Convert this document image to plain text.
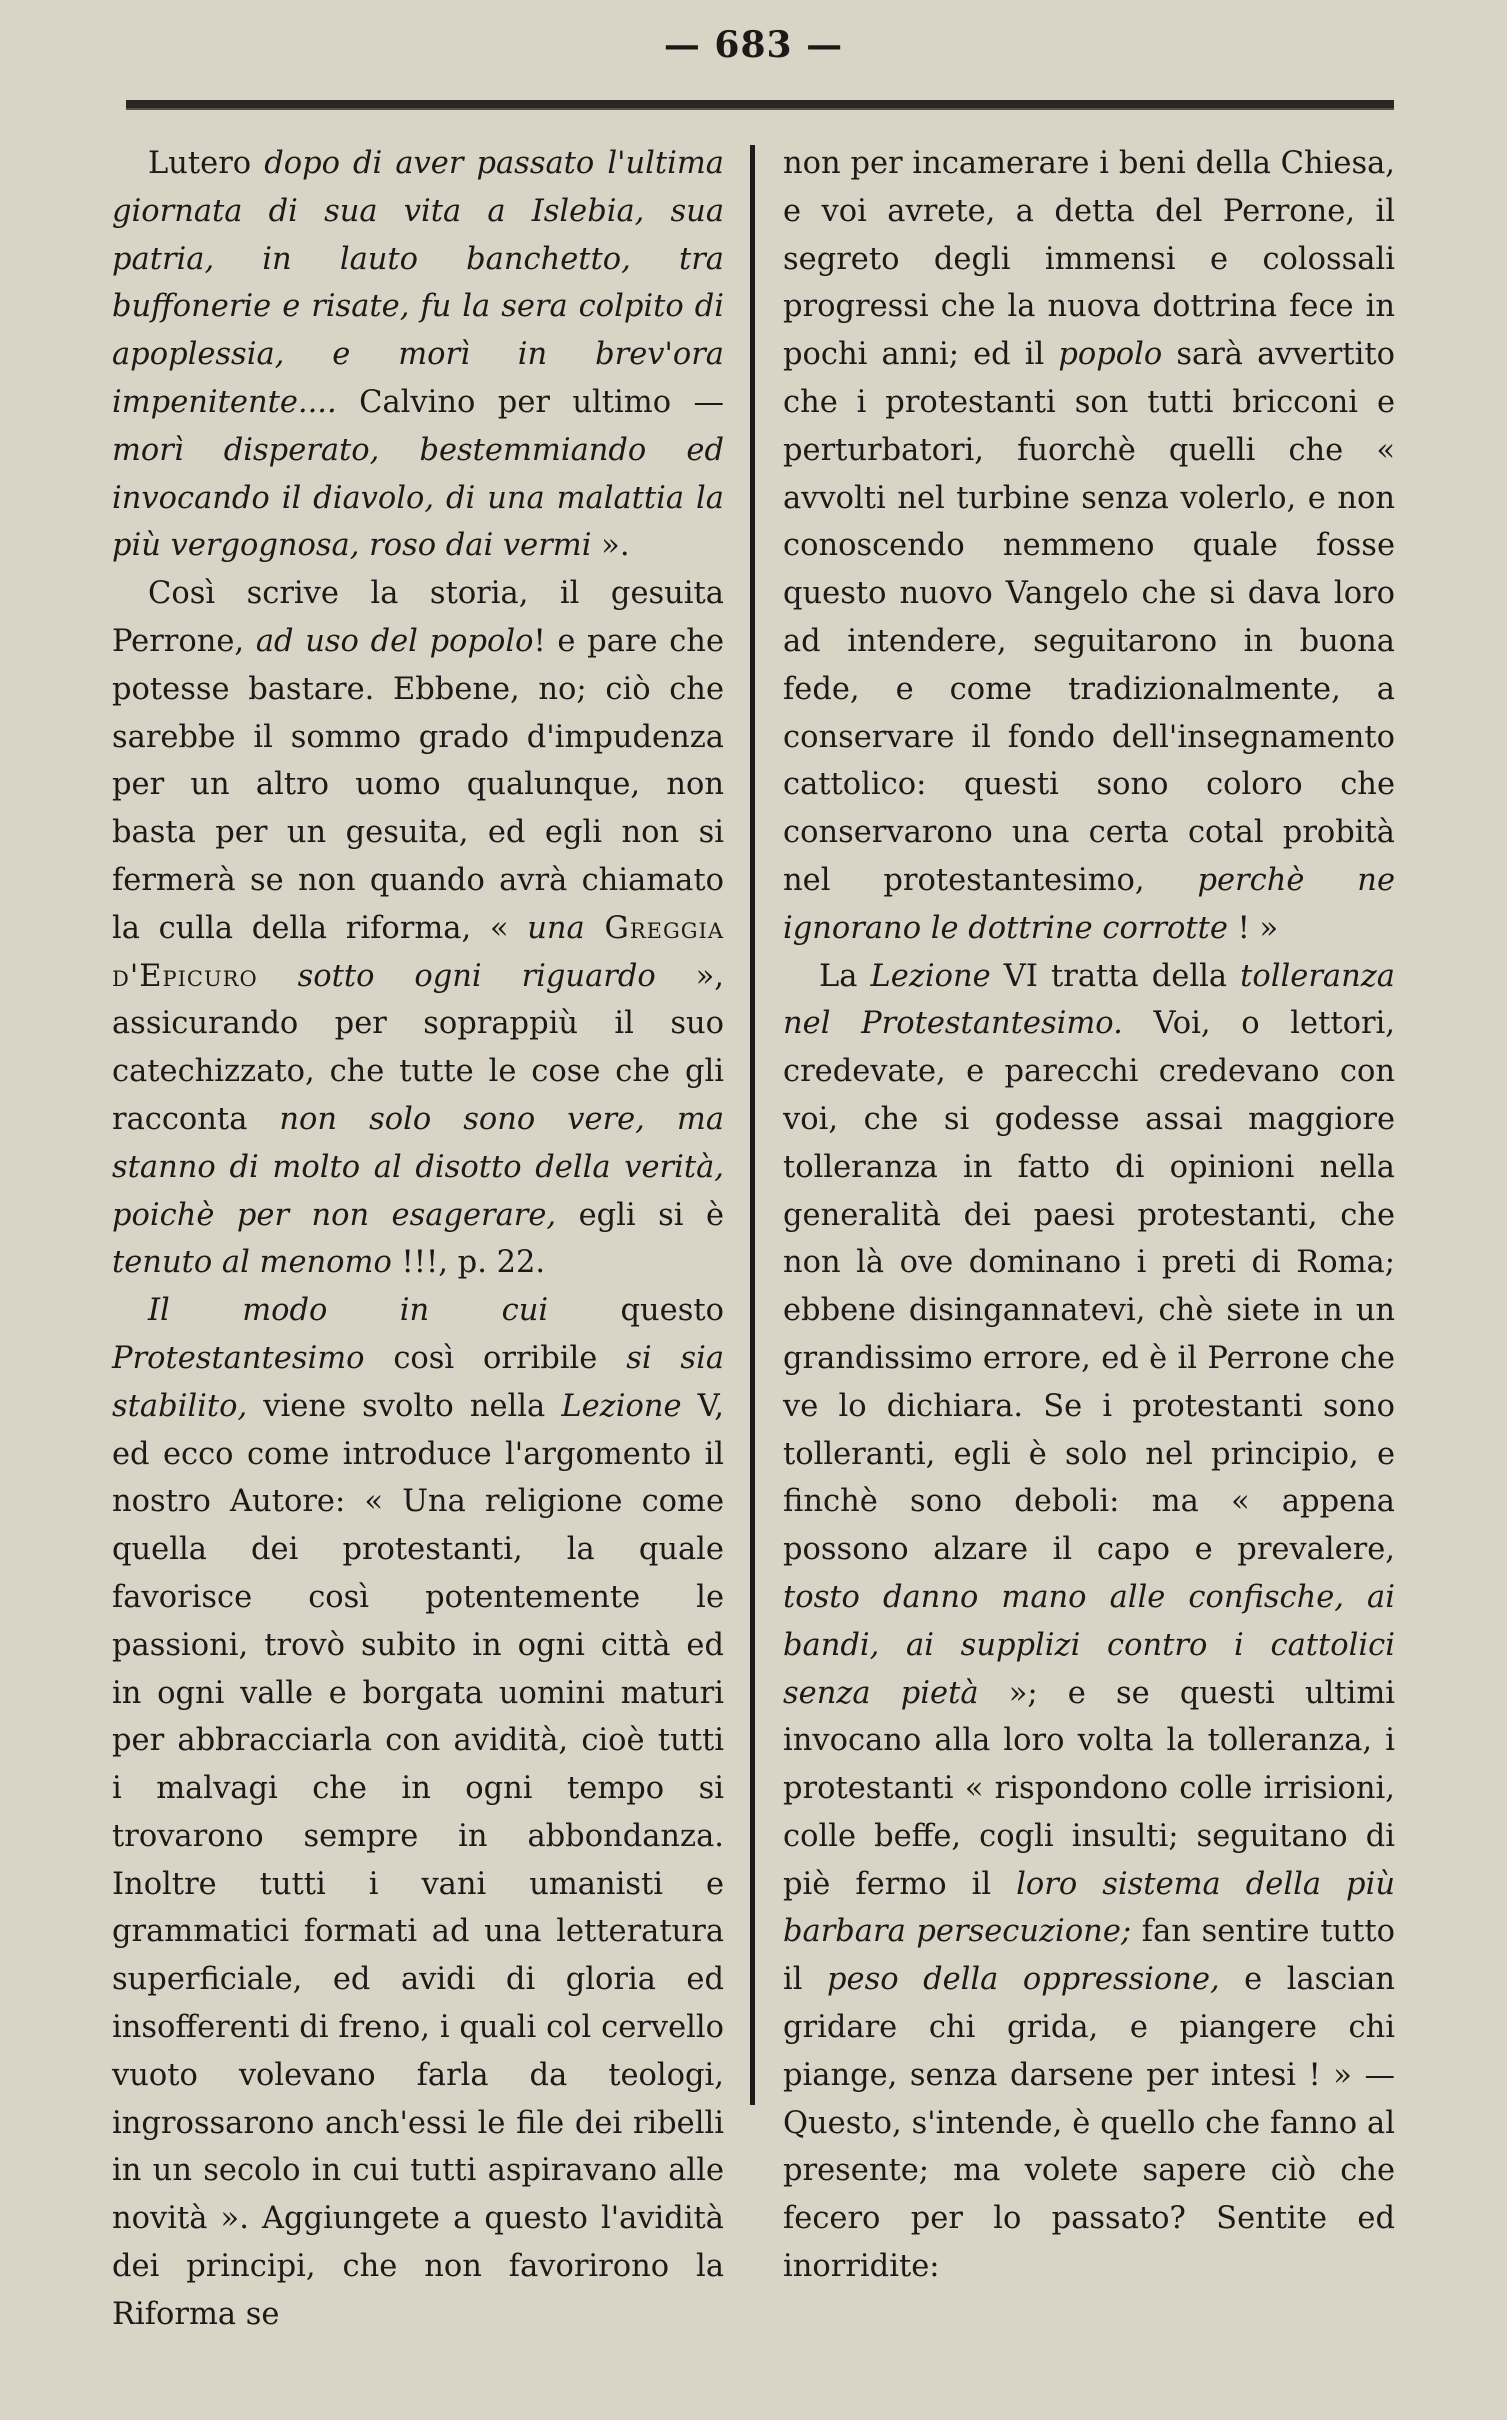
— 683 —

Lutero dopo di aver passato l'ultima giornata di sua vita a Islebia, sua patria, in lauto banchetto, tra buffonerie e risate, fu la sera colpito di apoplessia, e morì in brev'ora impenitente.... Calvino per ultimo — morì disperato, bestemmiando ed invocando il diavolo, di una malattia la più vergognosa, roso dai vermi ».

Così scrive la storia, il gesuita Perrone, ad uso del popolo! e pare che potesse bastare. Ebbene, no; ciò che sarebbe il sommo grado d'impudenza per un altro uomo qualunque, non basta per un gesuita, ed egli non si fermerà se non quando avrà chiamato la culla della riforma, « una Greggia d'Epicuro sotto ogni riguardo », assicurando per soprappiù il suo catechizzato, che tutte le cose che gli racconta non solo sono vere, ma stanno di molto al disotto della verità, poichè per non esagerare, egli si è tenuto al menomo !!!, p. 22.

Il modo in cui questo Protestantesimo così orribile si sia stabilito, viene svolto nella Lezione V, ed ecco come introduce l'argomento il nostro Autore: « Una religione come quella dei protestanti, la quale favorisce così potentemente le passioni, trovò subito in ogni città ed in ogni valle e borgata uomini maturi per abbracciarla con avidità, cioè tutti i malvagi che in ogni tempo si trovarono sempre in abbondanza. Inoltre tutti i vani umanisti e grammatici formati ad una letteratura superficiale, ed avidi di gloria ed insofferenti di freno, i quali col cervello vuoto volevano farla da teologi, ingrossarono anch'essi le file dei ribelli in un secolo in cui tutti aspiravano alle novità ». Aggiungete a questo l'avidità dei principi, che non favorirono la Riforma se

non per incamerare i beni della Chiesa, e voi avrete, a detta del Perrone, il segreto degli immensi e colossali progressi che la nuova dottrina fece in pochi anni; ed il popolo sarà avvertito che i protestanti son tutti bricconi e perturbatori, fuorchè quelli che « avvolti nel turbine senza volerlo, e non conoscendo nemmeno quale fosse questo nuovo Vangelo che si dava loro ad intendere, seguitarono in buona fede, e come tradizionalmente, a conservare il fondo dell'insegnamento cattolico: questi sono coloro che conservarono una certa cotal probità nel protestantesimo, perchè ne ignorano le dottrine corrotte ! »

La Lezione VI tratta della tolleranza nel Protestantesimo. Voi, o lettori, credevate, e parecchi credevano con voi, che si godesse assai maggiore tolleranza in fatto di opinioni nella generalità dei paesi protestanti, che non là ove dominano i preti di Roma; ebbene disingannatevi, chè siete in un grandissimo errore, ed è il Perrone che ve lo dichiara. Se i protestanti sono tolleranti, egli è solo nel principio, e finchè sono deboli: ma « appena possono alzare il capo e prevalere, tosto danno mano alle confische, ai bandi, ai supplizi contro i cattolici senza pietà »; e se questi ultimi invocano alla loro volta la tolleranza, i protestanti « rispondono colle irrisioni, colle beffe, cogli insulti; seguitano di piè fermo il loro sistema della più barbara persecuzione; fan sentire tutto il peso della oppressione, e lascian gridare chi grida, e piangere chi piange, senza darsene per intesi ! » — Questo, s'intende, è quello che fanno al presente; ma volete sapere ciò che fecero per lo passato? Sentite ed inorridite:
